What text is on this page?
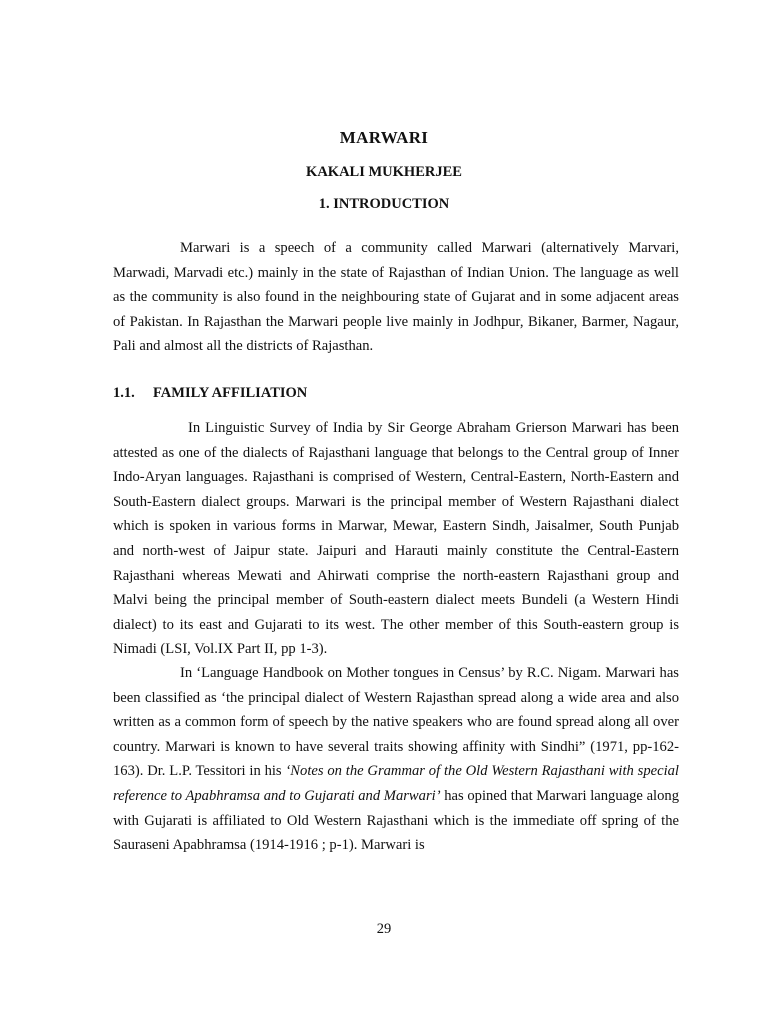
MARWARI

KAKALI MUKHERJEE

1. INTRODUCTION

Marwari is a speech of a community called Marwari (alternatively Marvari, Marwadi, Marvadi etc.) mainly in the state of Rajasthan of Indian Union. The language as well as the community is also found in the neighbouring state of Gujarat and in some adjacent areas of Pakistan. In Rajasthan the Marwari people live mainly in Jodhpur, Bikaner, Barmer, Nagaur, Pali and almost all the districts of Rajasthan.

1.1. FAMILY AFFILIATION

In Linguistic Survey of India by Sir George Abraham Grierson Marwari has been attested as one of the dialects of Rajasthani language that belongs to the Central group of Inner Indo-Aryan languages. Rajasthani is comprised of Western, Central-Eastern, North-Eastern and South-Eastern dialect groups. Marwari is the principal member of Western Rajasthani dialect which is spoken in various forms in Marwar, Mewar, Eastern Sindh, Jaisalmer, South Punjab and north-west of Jaipur state. Jaipuri and Harauti mainly constitute the Central-Eastern Rajasthani whereas Mewati and Ahirwati comprise the north-eastern Rajasthani group and Malvi being the principal member of South-eastern dialect meets Bundeli (a Western Hindi dialect) to its east and Gujarati to its west. The other member of this South-eastern group is Nimadi (LSI, Vol.IX Part II, pp 1-3).

In ‘Language Handbook on Mother tongues in Census’ by R.C. Nigam. Marwari has been classified as ‘the principal dialect of Western Rajasthan spread along a wide area and also written as a common form of speech by the native speakers who are found spread along all over country. Marwari is known to have several traits showing affinity with Sindhi” (1971, pp-162-163). Dr. L.P. Tessitori in his ‘Notes on the Grammar of the Old Western Rajasthani with special reference to Apabhramsa and to Gujarati and Marwari’ has opined that Marwari language along with Gujarati is affiliated to Old Western Rajasthani which is the immediate off spring of the Sauraseni Apabhramsa (1914-1916 ; p-1). Marwari is

29
